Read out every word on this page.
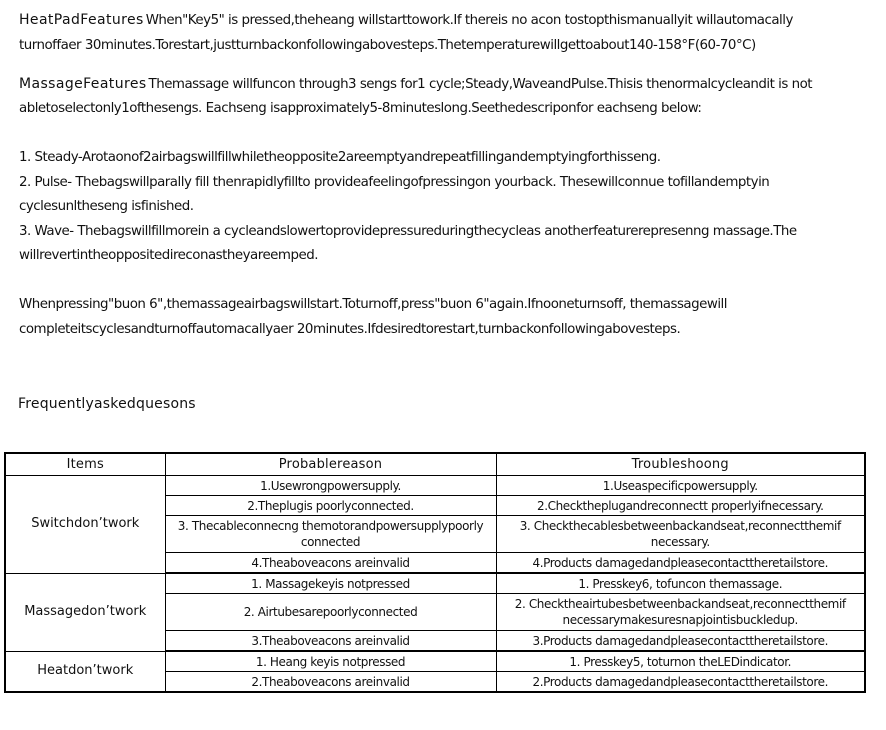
HeatPadFeatures When"Key5" is pressed,theheang willstarttowork.If thereis no acon tostopthismanuallyit willautomacally
turnoffaer 30minutes.Torestart,justturnbackonfollowingabovesteps.Thetemperaturewillgettoabout140-158°F(60-70°C)
MassageFeatures Themassage willfuncon through3 sengs for1 cycle;Steady,WaveandPulse.Thisis thenormalcycleandit is not
abletoselectonly1ofthesengs. Eachseng isapproximately5-8minuteslong.Seethedescriponfor eachseng below:
1. Steady-Arotaonof2airbagswillfillwhiletheopposite2areemptyandrepeatfillingandemptyingforthisseng.
2. Pulse- Thebagswillparally fill thenrapidlyfillto provideafeelingofpressingon yourback. Thesewillconnue tofillandemptyin
cyclesunltheseng isfinished.
3. Wave- Thebagswillfillmorein a cycleandslowertoprovidepressureduringthecycleas anotherfeaturerepresenng massage.The
willrevertintheoppositedireconastheyareemped.
Whenpressing"buon 6",themassageairbagswillstart.Toturnoff,press"buon 6"again.Ifnooneturnsoff, themassagewill
completeitscyclesandturnoffautomacallyaer 20minutes.Ifdesiredtorestart,turnbackonfollowingabovesteps.
Frequentlyaskedquesons
Items	Probablereason	Troubleshoong
Switchdon’twork	1.Usewrongpowersupply.	1.Useaspecificpowersupply.
	2.Theplugis poorlyconnected.	2.Checktheplugandreconnectt properlyifnecessary.
	3. Thecableconnecng themotorandpowersupplypoorly connected	3. Checkthecablesbetweenbackandseat,reconnectthemif necessary.
	4.Theaboveacons areinvalid	4.Products damagedandpleasecontacttheretailstore.
Massagedon’twork	1. Massagekeyis notpressed	1. Presskey6, tofuncon themassage.
	2. Airtubesarepoorlyconnected	2. Checktheairtubesbetweenbackandseat,reconnectthemif necessarymakesuresnapjointisbuckledup.
	3.Theaboveacons areinvalid	3.Products damagedandpleasecontacttheretailstore.
Heatdon’twork	1. Heang keyis notpressed	1. Presskey5, toturnon theLEDindicator.
	2.Theaboveacons areinvalid	2.Products damagedandpleasecontacttheretailstore.
